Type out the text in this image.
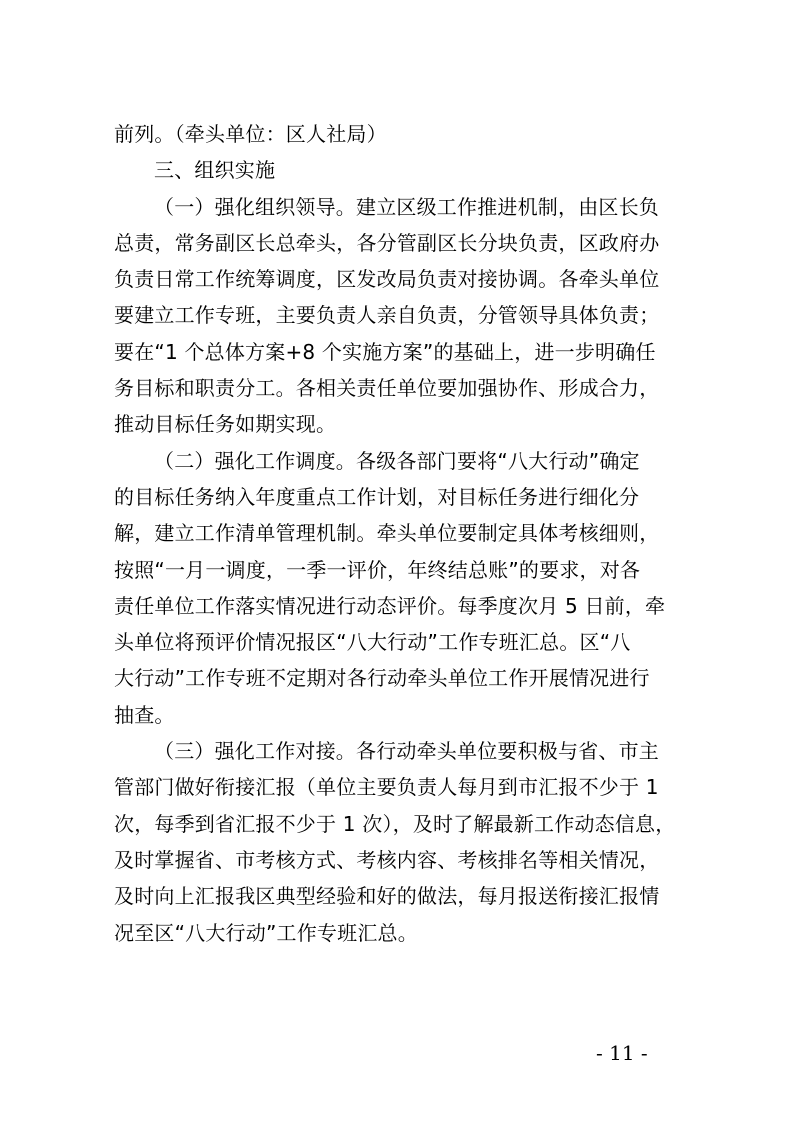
前列。（牵头单位：区人社局）
三、组织实施
（一）强化组织领导。建立区级工作推进机制，由区长负
总责，常务副区长总牵头，各分管副区长分块负责，区政府办
负责日常工作统筹调度，区发改局负责对接协调。各牵头单位
要建立工作专班，主要负责人亲自负责，分管领导具体负责；
要在“1 个总体方案+8 个实施方案”的基础上，进一步明确任
务目标和职责分工。各相关责任单位要加强协作、形成合力，
推动目标任务如期实现。
（二）强化工作调度。各级各部门要将“八大行动”确定
的目标任务纳入年度重点工作计划，对目标任务进行细化分
解，建立工作清单管理机制。牵头单位要制定具体考核细则，
按照“一月一调度，一季一评价，年终结总账”的要求，对各
责任单位工作落实情况进行动态评价。每季度次月 5 日前，牵
头单位将预评价情况报区“八大行动”工作专班汇总。区“八
大行动”工作专班不定期对各行动牵头单位工作开展情况进行
抽查。
（三）强化工作对接。各行动牵头单位要积极与省、市主
管部门做好衔接汇报（单位主要负责人每月到市汇报不少于 1
次，每季到省汇报不少于 1 次），及时了解最新工作动态信息，
及时掌握省、市考核方式、考核内容、考核排名等相关情况，
及时向上汇报我区典型经验和好的做法，每月报送衔接汇报情
况至区“八大行动”工作专班汇总。
- 11 -
